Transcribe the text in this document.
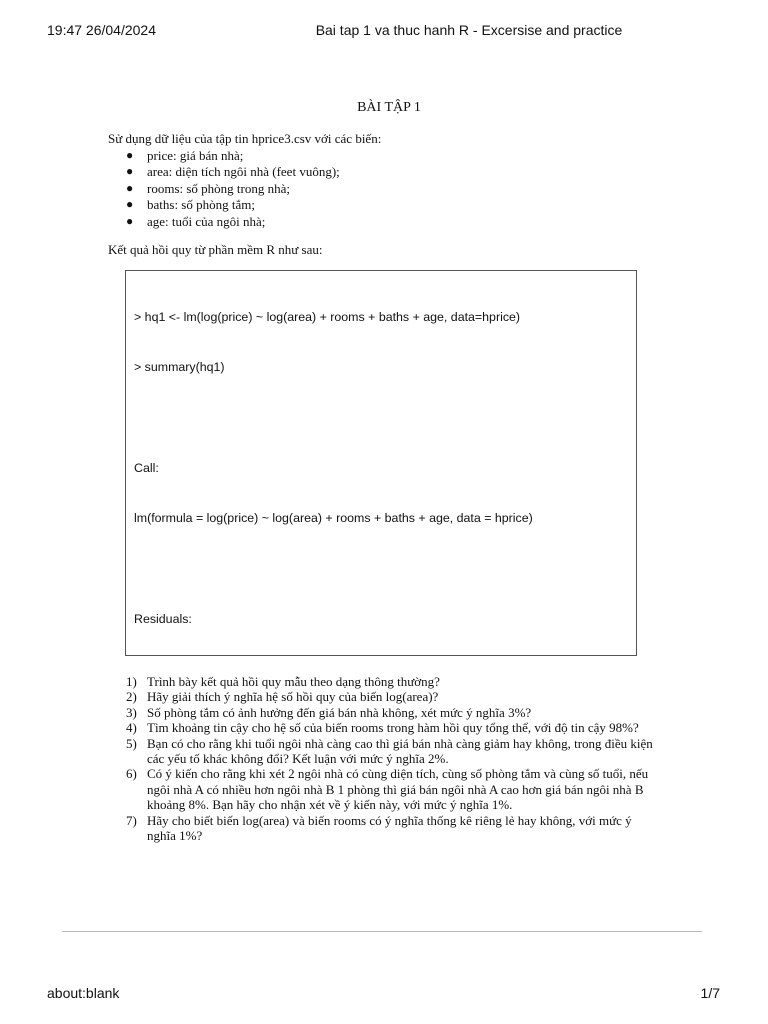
19:47 26/04/2024	Bai tap 1 va thuc hanh R - Excersise and practice
BÀI TẬP 1
Sử dụng dữ liệu của tập tin hprice3.csv với các biến:
● price: giá bán nhà;
● area: diện tích ngôi nhà (feet vuông);
● rooms: số phòng trong nhà;
● baths: số phòng tắm;
● age: tuổi của ngôi nhà;
Kết quả hồi quy từ phần mềm R như sau:

> hq1 <- lm(log(price) ~ log(area) + rooms + baths + age, data=hprice)

> summary(hq1)

Call:

lm(formula = log(price) ~ log(area) + rooms + baths + age, data = hprice)

Residuals:

1) Trình bày kết quả hồi quy mẫu theo dạng thông thường?
2) Hãy giải thích ý nghĩa hệ số hồi quy của biến log(area)?
3) Số phòng tắm có ảnh hưởng đến giá bán nhà không, xét mức ý nghĩa 3%?
4) Tìm khoảng tin cậy cho hệ số của biến rooms trong hàm hồi quy tổng thể, với độ tin cậy 98%?
5) Bạn có cho rằng khi tuổi ngôi nhà càng cao thì giá bán nhà càng giảm hay không, trong điều kiện các yếu tố khác không đổi? Kết luận với mức ý nghĩa 2%.
6) Có ý kiến cho rằng khi xét 2 ngôi nhà có cùng diện tích, cùng số phòng tắm và cùng số tuổi, nếu ngôi nhà A có nhiều hơn ngôi nhà B 1 phòng thì giá bán ngôi nhà A cao hơn giá bán ngôi nhà B khoảng 8%. Bạn hãy cho nhận xét về ý kiến này, với mức ý nghĩa 1%.
7) Hãy cho biết biến log(area) và biến rooms có ý nghĩa thống kê riêng lẻ hay không, với mức ý nghĩa 1%?
about:blank	1/7
